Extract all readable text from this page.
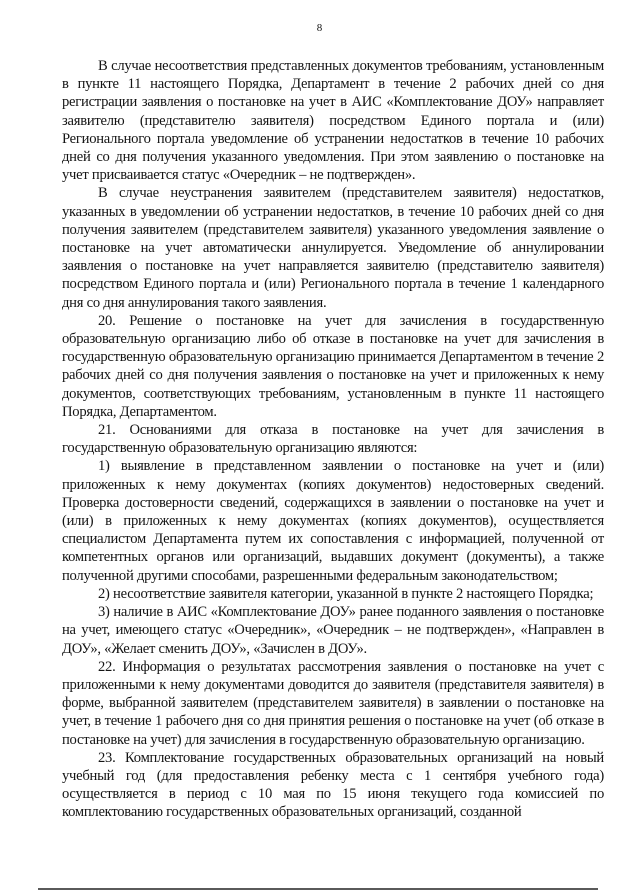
8

В случае несоответствия представленных документов требованиям, установленным в пункте 11 настоящего Порядка, Департамент в течение 2 рабочих дней со дня регистрации заявления о постановке на учет в АИС «Комплектование ДОУ» направляет заявителю (представителю заявителя) посредством Единого портала и (или) Регионального портала уведомление об устранении недостатков в течение 10 рабочих дней со дня получения указанного уведомления. При этом заявлению о постановке на учет присваивается статус «Очередник – не подтвержден».

В случае неустранения заявителем (представителем заявителя) недостатков, указанных в уведомлении об устранении недостатков, в течение 10 рабочих дней со дня получения заявителем (представителем заявителя) указанного уведомления заявление о постановке на учет автоматически аннулируется. Уведомление об аннулировании заявления о постановке на учет направляется заявителю (представителю заявителя) посредством Единого портала и (или) Регионального портала в течение 1 календарного дня со дня аннулирования такого заявления.

20. Решение о постановке на учет для зачисления в государственную образовательную организацию либо об отказе в постановке на учет для зачисления в государственную образовательную организацию принимается Департаментом в течение 2 рабочих дней со дня получения заявления о постановке на учет и приложенных к нему документов, соответствующих требованиям, установленным в пункте 11 настоящего Порядка, Департаментом.

21. Основаниями для отказа в постановке на учет для зачисления в государственную образовательную организацию являются:

1) выявление в представленном заявлении о постановке на учет и (или) приложенных к нему документах (копиях документов) недостоверных сведений. Проверка достоверности сведений, содержащихся в заявлении о постановке на учет и (или) в приложенных к нему документах (копиях документов), осуществляется специалистом Департамента путем их сопоставления с информацией, полученной от компетентных органов или организаций, выдавших документ (документы), а также полученной другими способами, разрешенными федеральным законодательством;

2) несоответствие заявителя категории, указанной в пункте 2 настоящего Порядка;

3) наличие в АИС «Комплектование ДОУ» ранее поданного заявления о постановке на учет, имеющего статус «Очередник», «Очередник – не подтвержден», «Направлен в ДОУ», «Желает сменить ДОУ», «Зачислен в ДОУ».

22. Информация о результатах рассмотрения заявления о постановке на учет с приложенными к нему документами доводится до заявителя (представителя заявителя) в форме, выбранной заявителем (представителем заявителя) в заявлении о постановке на учет, в течение 1 рабочего дня со дня принятия решения о постановке на учет (об отказе в постановке на учет) для зачисления в государственную образовательную организацию.

23. Комплектование государственных образовательных организаций на новый учебный год (для предоставления ребенку места с 1 сентября учебного года) осуществляется в период с 10 мая по 15 июня текущего года комиссией по комплектованию государственных образовательных организаций, созданной
